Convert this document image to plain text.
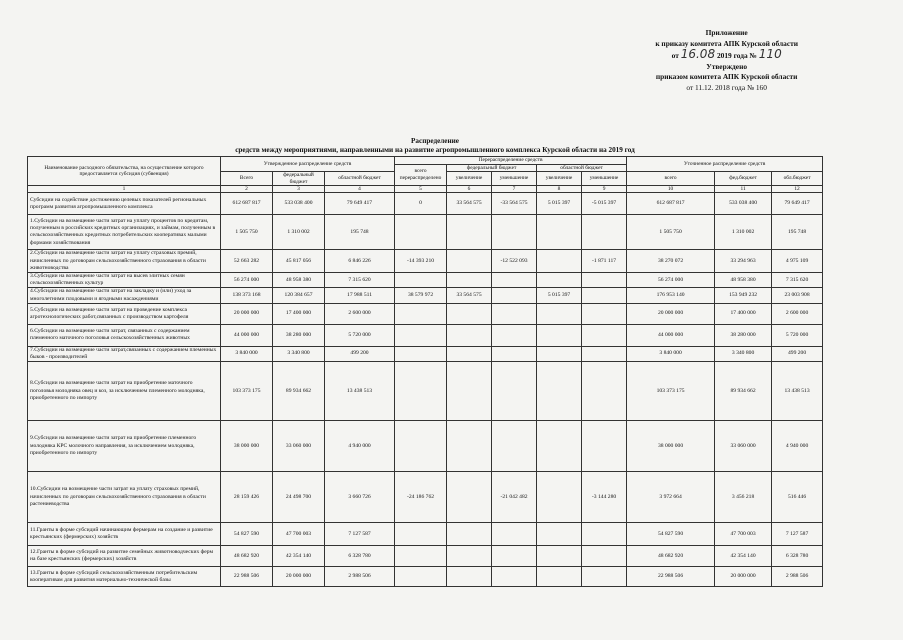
Приложение
к приказу комитета АПК Курской области
от 16.08 2019 года № 110
Утверждено
приказом комитета АПК Курской области
от 11.12. 2018 года № 160
Распределение
средств между мероприятиями, направленными на развитие агропромышленного комплекса Курской области на 2019 год
Наименование расходного обязательства, на осуществление которого предоставляется субсидия (субвенция)	Утвержденное распределение средств			Перераспределение средств					Уточненное распределение средств		
				всего перераспределено	федеральный бюджет		областной бюджет				
	Всего	федеральный бюджет	областной бюджет		увеличение	уменьшение	увеличение	уменьшение	всего	фед.бюджет	обл.бюджет
1	2	3	4	5	6	7	8	9	10	11	12
Субсидии на содействие достижению целевых показателей региональных программ развития агропромышленного комплекса	612 687 817	533 038 400	79 649 417	0	33 564 575	-33 564 575	5 015 397	-5 015 397	612 687 817	533 038 400	79 649 417
1.Субсидии на возмещение части затрат на уплату процентов по кредитам, полученным в российских кредитных организациях, и займам, полученным в сельскохозяйственных кредитных потребительских кооперативах малыми формами хозяйствования	1 505 750	1 310 002	195 748						1 505 750	1 310 002	195 748
2.Субсидии на возмещение части затрат на уплату страховых премий, начисленных по договорам сельскохозяйственного страхования в области животноводства	52 663 282	45 817 056	6 846 226	-14 393 210		-12 522 093		-1 871 117	38 270 072	33 294 963	4 975 109
3.Субсидии на возмещение части затрат на высев элитных семян сельскохозяйственных культур	56 274 000	48 958 380	7 315 620						56 274 000	48 958 380	7 315 620
4.Субсидии на возмещение части затрат на закладку и (или) уход за многолетними плодовыми и ягодными насаждениями	138 373 168	120 384 657	17 988 511	38 579 972	33 564 575		5 015 397		176 953 140	153 949 232	23 003 908
5.Субсидии на возмещение части затрат на проведение комплекса агротехнологических работ,связанных с производством картофеля	20 000 000	17 400 000	2 600 000						20 000 000	17 400 000	2 600 000
6.Субсидии на возмещение части затрат, связанных с содержанием племенного маточного поголовья сельскохозяйственных животных	44 000 000	38 280 000	5 720 000						44 000 000	38 280 000	5 720 000
7.Субсидии на возмещение части затрат,связанных с содержанием племенных быков - производителей	3 840 000	3 340 800	499 200						3 840 000	3 340 800	499 200
8.Субсидии на возмещение части затрат на приобретение маточного поголовья молодняка овец и коз, за исключением племенного молодняка, приобретенного по импорту	103 373 175	89 934 662	13 438 513						103 373 175	89 934 662	13 438 513
9.Субсидии на возмещение части затрат на приобретение племенного молодняка КРС молочного направления, за исключением молодняка, приобретенного по импорту	38 000 000	33 060 000	4 940 000						38 000 000	33 060 000	4 940 000
10.Субсидии на возмещение части затрат на уплату страховых премий, начисленных по договорам сельскохозяйственного страхования в области растениеводства	28 159 426	24 498 700	3 660 726	-24 186 762		-21 042 482		-3 144 280	3 972 664	3 456 218	516 446
11.Гранты в форме субсидий начинающим фермерам на создание и развитие крестьянских (фермерских) хозяйств	54 827 590	47 700 003	7 127 587						54 827 590	47 700 003	7 127 587
12.Гранты в форме субсидий на развитие семейных животноводческих ферм на базе крестьянских (фермерских) хозяйств	48 682 920	42 354 140	6 328 780						48 682 920	42 354 140	6 328 780
13.Гранты в форме субсидий сельскохозяйственным потребительским кооперативам для развития материально-технической базы	22 988 506	20 000 000	2 988 506						22 988 506	20 000 000	2 988 506
